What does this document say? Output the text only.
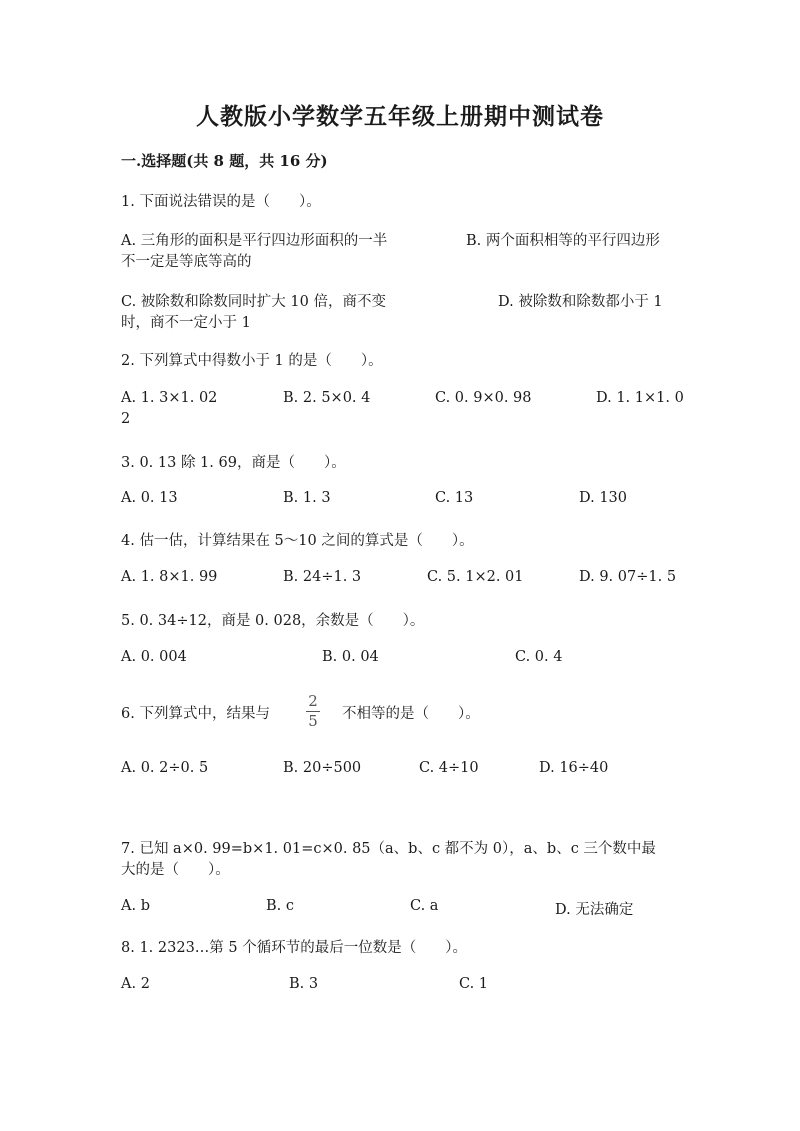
人教版小学数学五年级上册期中测试卷
一.选择题(共 8 题，共 16 分)
1. 下面说法错误的是（　　）。
A. 三角形的面积是平行四边形面积的一半	B. 两个面积相等的平行四边形
不一定是等底等高的
C. 被除数和除数同时扩大 10 倍，商不变	D. 被除数和除数都小于 1
时，商不一定小于 1
2. 下列算式中得数小于 1 的是（　　）。
A. 1. 3×1. 02	B. 2. 5×0. 4	C. 0. 9×0. 98	D. 1. 1×1. 0
2
3. 0. 13 除 1. 69，商是（　　）。
A. 0. 13	B. 1. 3	C. 13	D. 130
4. 估一估，计算结果在 5～10 之间的算式是（　　）。
A. 1. 8×1. 99	B. 24÷1. 3	C. 5. 1×2. 01	D. 9. 07÷1. 5
5. 0. 34÷12，商是 0. 028，余数是（　　）。
A. 0. 004	B. 0. 04	C. 0. 4
6. 下列算式中，结果与
2
5 不相等的是（　　）。
A. 0. 2÷0. 5	B. 20÷500	C. 4÷10	D. 16÷40
7. 已知 a×0. 99=b×1. 01=c×0. 85（a、b、c 都不为 0），a、b、c 三个数中最
大的是（　　）。
A. b	B. c	C. a	D. 无法确定
8. 1. 2323…第 5 个循环节的最后一位数是（　　）。
A. 2	B. 3	C. 1
